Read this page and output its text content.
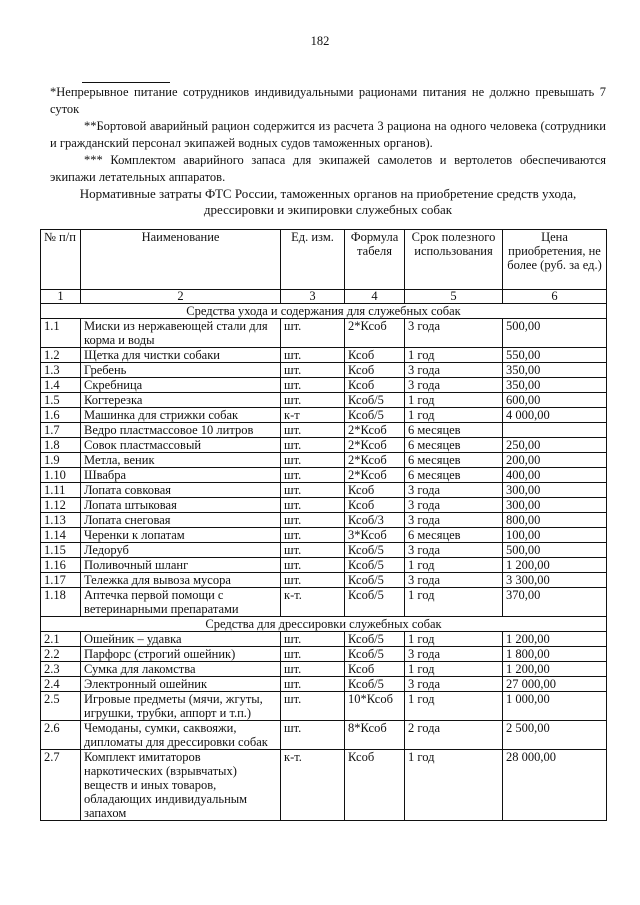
182

*Непрерывное питание сотрудников индивидуальными рационами питания не должно превышать 7 суток

**Бортовой аварийный рацион содержится из расчета 3 рациона на одного человека (сотрудники и гражданский персонал экипажей водных судов таможенных органов).

*** Комплектом аварийного запаса для экипажей самолетов и вертолетов обеспечиваются экипажи летательных аппаратов.

Нормативные затраты ФТС России, таможенных органов на приобретение средств ухода,
дрессировки и экипировки служебных собак
№ п/п	Наименование	Ед. изм.	Формула табеля	Срок полезного использования	Цена приобретения, не более (руб. за ед.)
1	2	3	4	5	6
Средства ухода и содержания для служебных собак					
1.1	Миски из нержавеющей стали для корма и воды	шт.	2*Ксоб	3 года	500,00
1.2	Щетка для чистки собаки	шт.	Ксоб	1 год	550,00
1.3	Гребень	шт.	Ксоб	3 года	350,00
1.4	Скребница	шт.	Ксоб	3 года	350,00
1.5	Когтерезка	шт.	Ксоб/5	1 год	600,00
1.6	Машинка для стрижки собак	к-т	Ксоб/5	1 год	4 000,00
1.7	Ведро пластмассовое 10 литров	шт.	2*Ксоб	6 месяцев	
1.8	Совок пластмассовый	шт.	2*Ксоб	6 месяцев	250,00
1.9	Метла, веник	шт.	2*Ксоб	6 месяцев	200,00
1.10	Швабра	шт.	2*Ксоб	6 месяцев	400,00
1.11	Лопата совковая	шт.	Ксоб	3 года	300,00
1.12	Лопата штыковая	шт.	Ксоб	3 года	300,00
1.13	Лопата снеговая	шт.	Ксоб/3	3 года	800,00
1.14	Черенки к лопатам	шт.	3*Ксоб	6 месяцев	100,00
1.15	Ледоруб	шт.	Ксоб/5	3 года	500,00
1.16	Поливочный шланг	шт.	Ксоб/5	1 год	1 200,00
1.17	Тележка для вывоза мусора	шт.	Ксоб/5	3 года	3 300,00
1.18	Аптечка первой помощи с ветеринарными препаратами	к-т.	Ксоб/5	1 год	370,00
Средства для дрессировки служебных собак					
2.1	Ошейник – удавка	шт.	Ксоб/5	1 год	1 200,00
2.2	Парфорс (строгий ошейник)	шт.	Ксоб/5	3 года	1 800,00
2.3	Сумка для лакомства	шт.	Ксоб	1 год	1 200,00
2.4	Электронный ошейник	шт.	Ксоб/5	3 года	27 000,00
2.5	Игровые предметы (мячи, жгуты, игрушки, трубки, аппорт и т.п.)	шт.	10*Ксоб	1 год	1 000,00
2.6	Чемоданы, сумки, саквояжи, дипломаты для дрессировки собак	шт.	8*Ксоб	2 года	2 500,00
2.7	Комплект имитаторов наркотических (взрывчатых) веществ и иных товаров, обладающих индивидуальным запахом	к-т.	Ксоб	1 год	28 000,00
